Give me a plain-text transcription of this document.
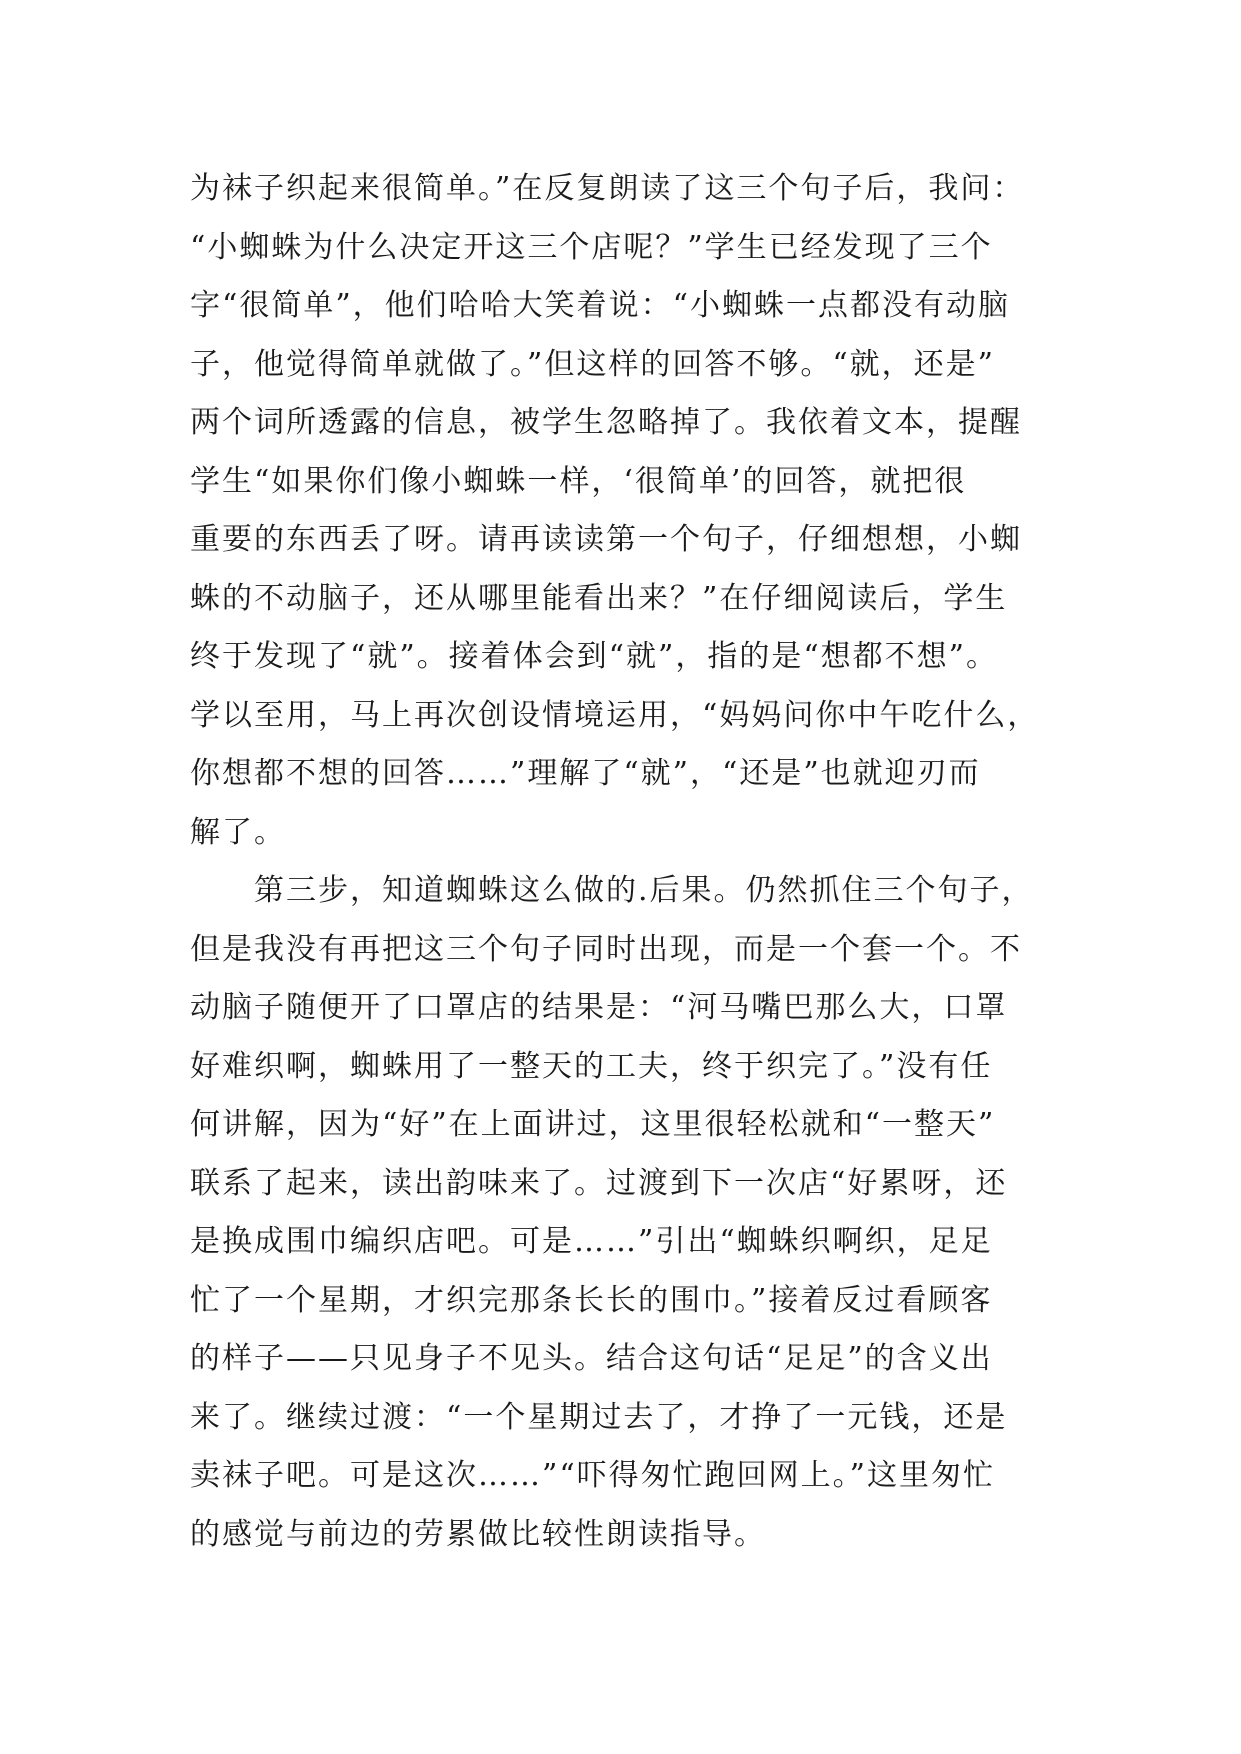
为袜子织起来很简单。”在反复朗读了这三个句子后，我问：
“小蜘蛛为什么决定开这三个店呢？”学生已经发现了三个
字“很简单”，他们哈哈大笑着说：“小蜘蛛一点都没有动脑
子，他觉得简单就做了。”但这样的回答不够。“就，还是”
两个词所透露的信息，被学生忽略掉了。我依着文本，提醒
学生“如果你们像小蜘蛛一样，‘很简单’的回答，就把很
重要的东西丢了呀。请再读读第一个句子，仔细想想，小蜘
蛛的不动脑子，还从哪里能看出来？”在仔细阅读后，学生
终于发现了“就”。接着体会到“就”，指的是“想都不想”。
学以至用，马上再次创设情境运用，“妈妈问你中午吃什么，
你想都不想的回答……”理解了“就”，“还是”也就迎刃而
解了。
　　第三步，知道蜘蛛这么做的.后果。仍然抓住三个句子，
但是我没有再把这三个句子同时出现，而是一个套一个。不
动脑子随便开了口罩店的结果是：“河马嘴巴那么大，口罩
好难织啊，蜘蛛用了一整天的工夫，终于织完了。”没有任
何讲解，因为“好”在上面讲过，这里很轻松就和“一整天”
联系了起来，读出韵味来了。过渡到下一次店“好累呀，还
是换成围巾编织店吧。可是……”引出“蜘蛛织啊织，足足
忙了一个星期，才织完那条长长的围巾。”接着反过看顾客
的样子——只见身子不见头。结合这句话“足足”的含义出
来了。继续过渡：“一个星期过去了，才挣了一元钱，还是
卖袜子吧。可是这次……”“吓得匆忙跑回网上。”这里匆忙
的感觉与前边的劳累做比较性朗读指导。
